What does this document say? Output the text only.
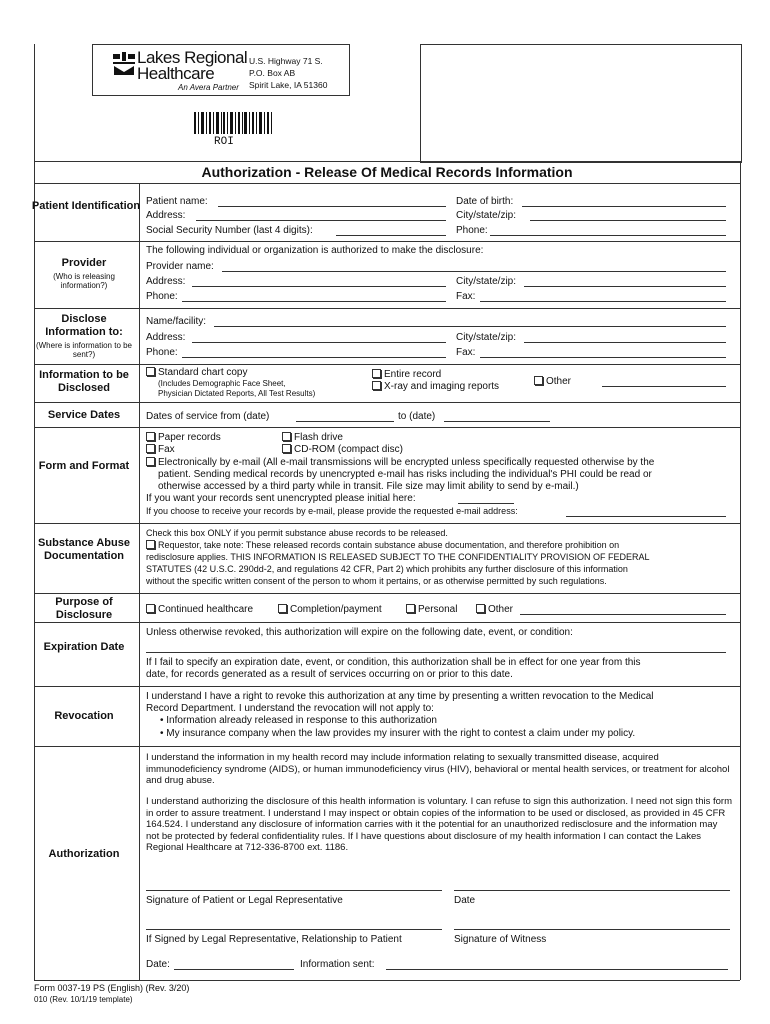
Lakes Regional
Healthcare
An Avera Partner
U.S. Highway 71 S.
P.O. Box AB
Spirit Lake, IA 51360
ROI
Authorization - Release Of Medical Records Information
Patient Identification Patient name:	Date of birth:
Address:	City/state/zip:
Social Security Number (last 4 digits):	Phone:
Provider
(Who is releasing information?)
The following individual or organization is authorized to make the disclosure:
Provider name:
Address:	City/state/zip:
Phone:	Fax:
Disclose Information to:
(Where is information to be sent?)
Name/facility:
Address:	City/state/zip:
Phone:	Fax:
Information to be Disclosed
Standard chart copy
(Includes Demographic Face Sheet,
Physician Dictated Reports, All Test Results)
Entire record
X-ray and imaging reports	Other
Service Dates	Dates of service from (date)	to (date)
Form and Format
Paper records	Flash drive
Fax	CD-ROM (compact disc)
Electronically by e-mail (All e-mail transmissions will be encrypted unless specifically requested otherwise by the
patient. Sending medical records by unencrypted e-mail has risks including the individual's PHI could be read or
otherwise accessed by a third party while in transit. File size may limit ability to send by e-mail.)
If you want your records sent unencrypted please initial here:
If you choose to receive your records by e-mail, please provide the requested e-mail address:
Substance Abuse Documentation
Check this box ONLY if you permit substance abuse records to be released.
Requestor, take note: These released records contain substance abuse documentation, and therefore prohibition on
redisclosure applies. THIS INFORMATION IS RELEASED SUBJECT TO THE CONFIDENTIALITY PROVISION OF FEDERAL
STATUTES (42 U.S.C. 290dd-2, and regulations 42 CFR, Part 2) which prohibits any further disclosure of this information
without the specific written consent of the person to whom it pertains, or as otherwise permitted by such regulations.
Purpose of Disclosure	Continued healthcare	Completion/payment	Personal	Other
Expiration Date
Unless otherwise revoked, this authorization will expire on the following date, event, or condition:
If I fail to specify an expiration date, event, or condition, this authorization shall be in effect for one year from this
date, for records generated as a result of services occurring on or prior to this date.
Revocation
I understand I have a right to revoke this authorization at any time by presenting a written revocation to the Medical
Record Department. I understand the revocation will not apply to:
• Information already released in response to this authorization
• My insurance company when the law provides my insurer with the right to contest a claim under my policy.
Authorization
I understand the information in my health record may include information relating to sexually transmitted disease, acquired immunodeficiency syndrome (AIDS), or human immunodeficiency virus (HIV), behavioral or mental health services, or treatment for alcohol and drug abuse.
I understand authorizing the disclosure of this health information is voluntary. I can refuse to sign this authorization. I need not sign this form in order to assure treatment. I understand I may inspect or obtain copies of the information to be used or disclosed, as provided in 45 CFR 164.524. I understand any disclosure of information carries with it the potential for an unauthorized redisclosure and the information may not be protected by federal confidentiality rules. If I have questions about disclosure of my health information I can contact the Lakes Regional Healthcare at 712-336-8700 ext. 1186.
Signature of Patient or Legal Representative	Date
If Signed by Legal Representative, Relationship to Patient	Signature of Witness
Date:	Information sent:
Form 0037-19 PS (English) (Rev. 3/20)
010 (Rev. 10/1/19 template)
